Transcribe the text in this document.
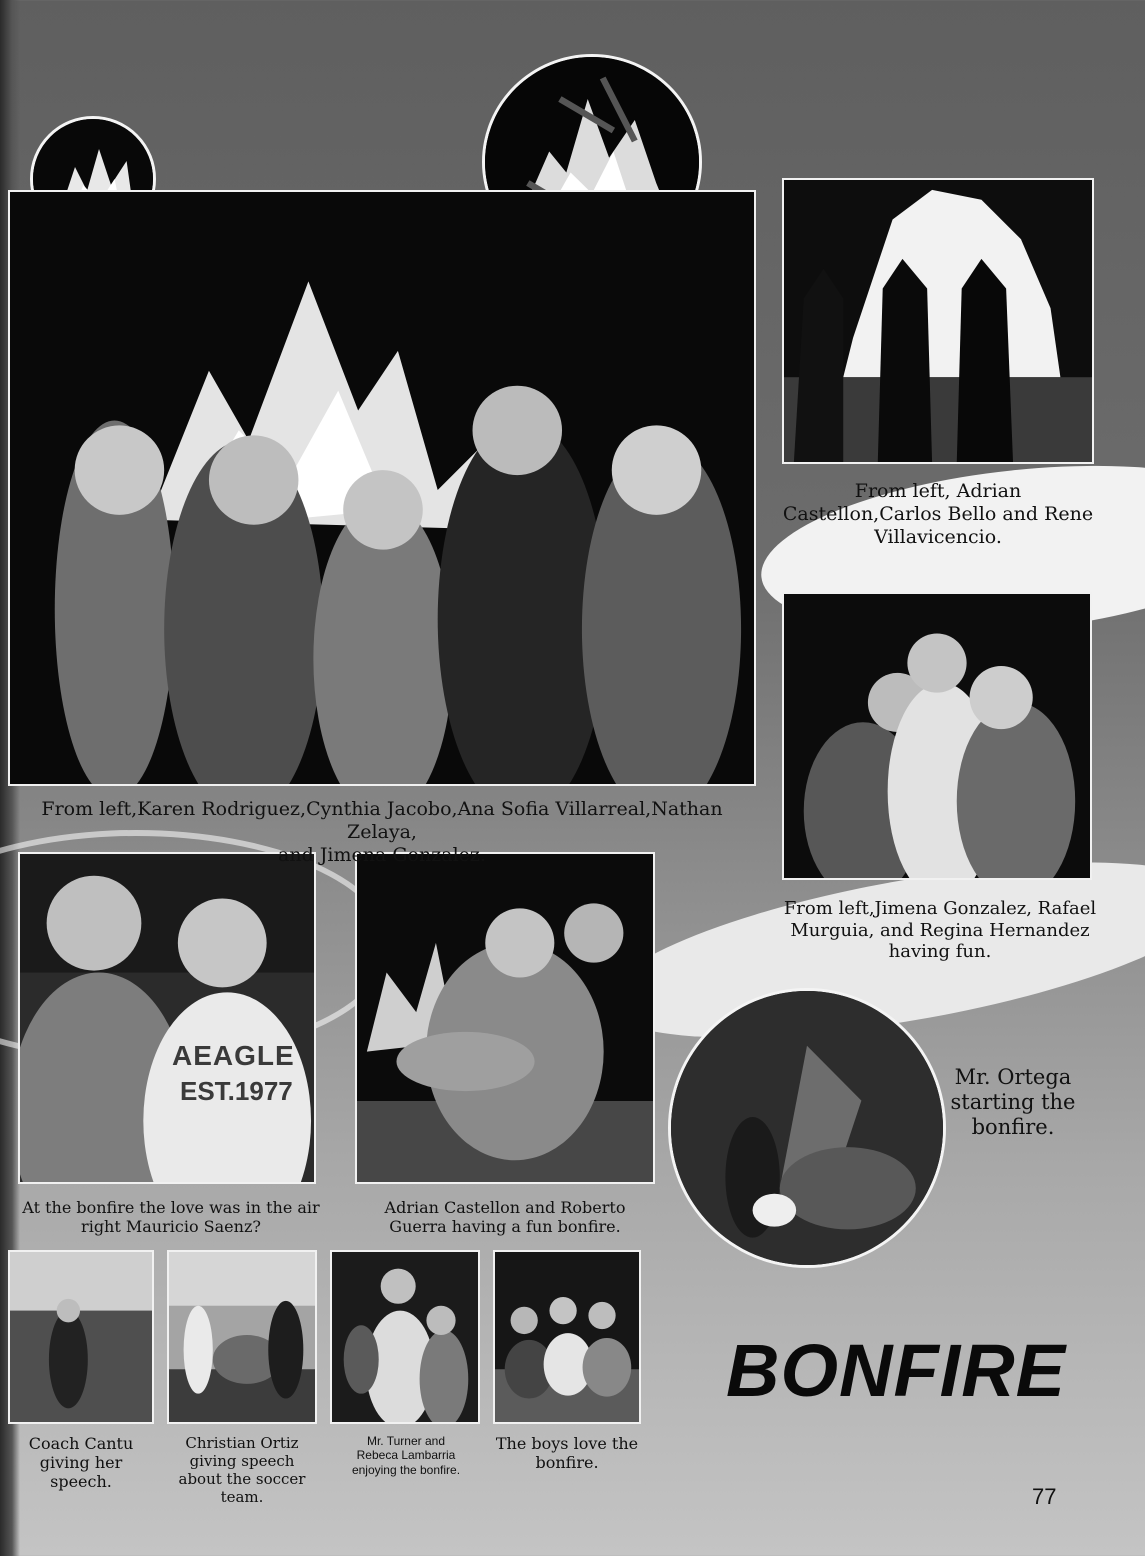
AEAGLE
EST.1977
From left,Karen Rodriguez,Cynthia Jacobo,Ana Sofia Villarreal,Nathan Zelaya,
and Jimena Gonzalez.
From left, Adrian
Castellon,Carlos Bello and Rene
Villavicencio.
From left,Jimena Gonzalez, Rafael
Murguia, and Regina Hernandez
having fun.
Mr. Ortega
starting the
bonfire.
At the bonfire the love was in the air
right Mauricio Saenz?
Adrian Castellon and Roberto
Guerra having a fun bonfire.
Coach Cantu
giving her
speech.
Christian Ortiz
giving speech
about the soccer
team.
Mr. Turner and
Rebeca Lambarria
enjoying the bonfire.
The boys love the
bonfire.
BONFIRE
77
